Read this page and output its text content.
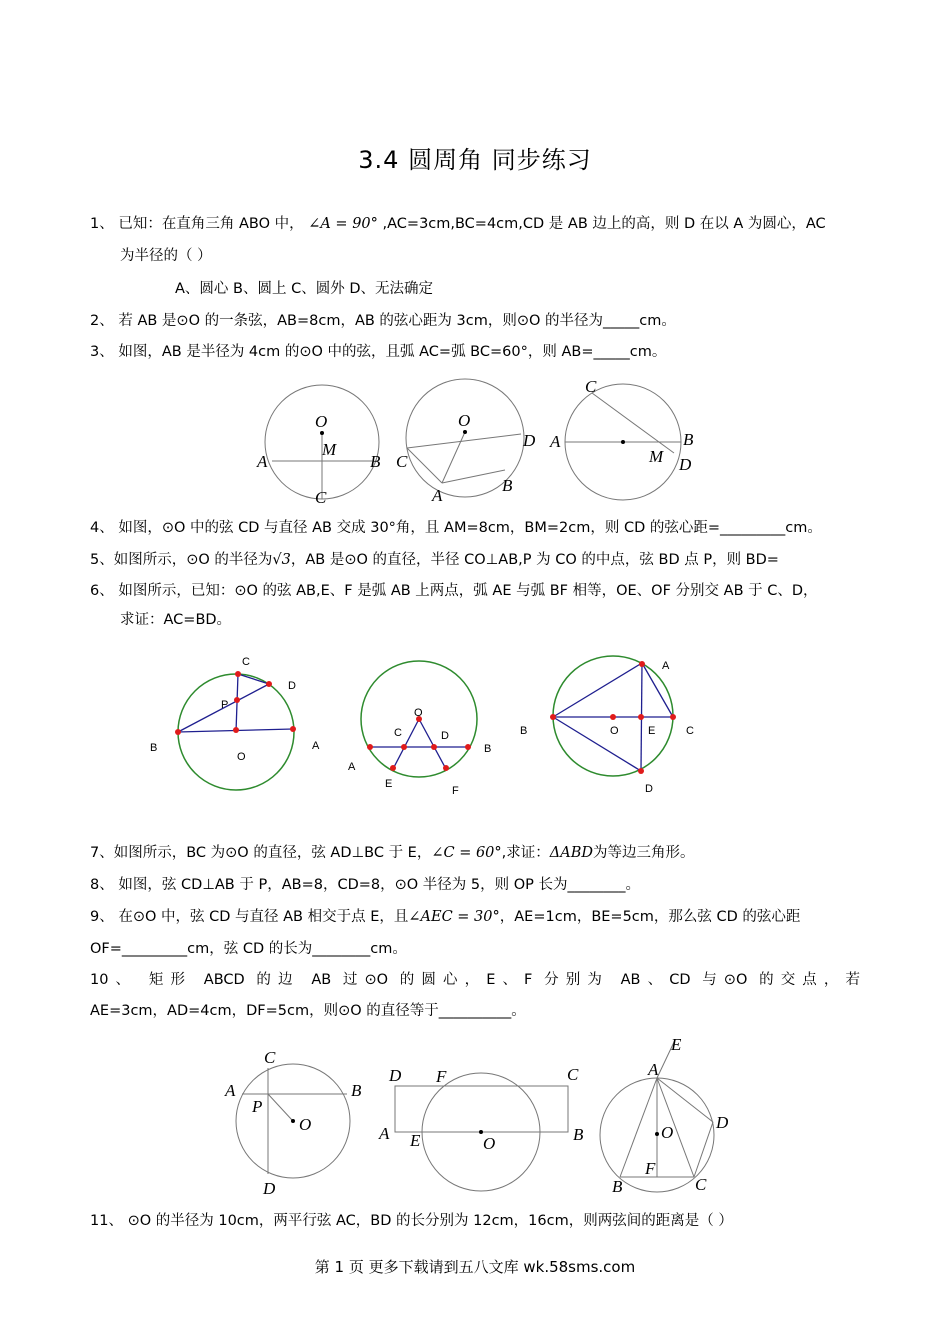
3.4 圆周角 同步练习
1、 已知：在直角三角 ABO 中， ∠A = 90° ,AC=3cm,BC=4cm,CD 是 AB 边上的高，则 D 在以 A 为圆心，AC
为半径的（ ）
A、圆心 B、圆上 C、圆外 D、无法确定
2、 若 AB 是⊙O 的一条弦，AB=8cm，AB 的弦心距为 3cm，则⊙O 的半径为_____cm。
3、 如图，AB 是半径为 4cm 的⊙O 中的弦，且弧 AC=弧 BC=60°，则 AB=_____cm。
O
M
A	B
C
O
D
C
A
B
C
A	B
M D
4、 如图，⊙O 中的弦 CD 与直径 AB 交成 30°角，且 AM=8cm，BM=2cm，则 CD 的弦心距=_________cm。
5、如图所示，⊙O 的半径为√3，AB 是⊙O 的直径，半径 CO⊥AB,P 为 CO 的中点，弦 BD 点 P，则 BD=
6、 如图所示，已知：⊙O 的弦 AB,E、F 是弧 AB 上两点，弧 AE 与弧 BF 相等，OE、OF 分别交 AB 于 C、D，
求证：AC=BD。
C
D
P
B
O
A
O
C	D
B
A
E
F
A
B	O	E	C
D
7、如图所示，BC 为⊙O 的直径，弦 AD⊥BC 于 E，∠C = 60°,求证：ΔABD为等边三角形。
8、 如图，弦 CD⊥AB 于 P，AB=8，CD=8，⊙O 半径为 5，则 OP 长为________。
9、 在⊙O 中，弦 CD 与直径 AB 相交于点 E，且∠AEC = 30°，AE=1cm，BE=5cm，那么弦 CD 的弦心距
OF=_________cm，弦 CD 的长为________cm。
10、 矩形 ABCD 的边 AB 过⊙O 的圆心，E、F 分别为 AB、CD 与⊙O 的交点，若
AE=3cm，AD=4cm，DF=5cm，则⊙O 的直径等于__________。
C
A	B
P
O
D
D F	C
A E	O	B
E
A
O
D
F
B	C
11、 ⊙O 的半径为 10cm，两平行弦 AC，BD 的长分别为 12cm，16cm，则两弦间的距离是（ ）
第 1 页 更多下载请到五八文库 wk.58sms.com
